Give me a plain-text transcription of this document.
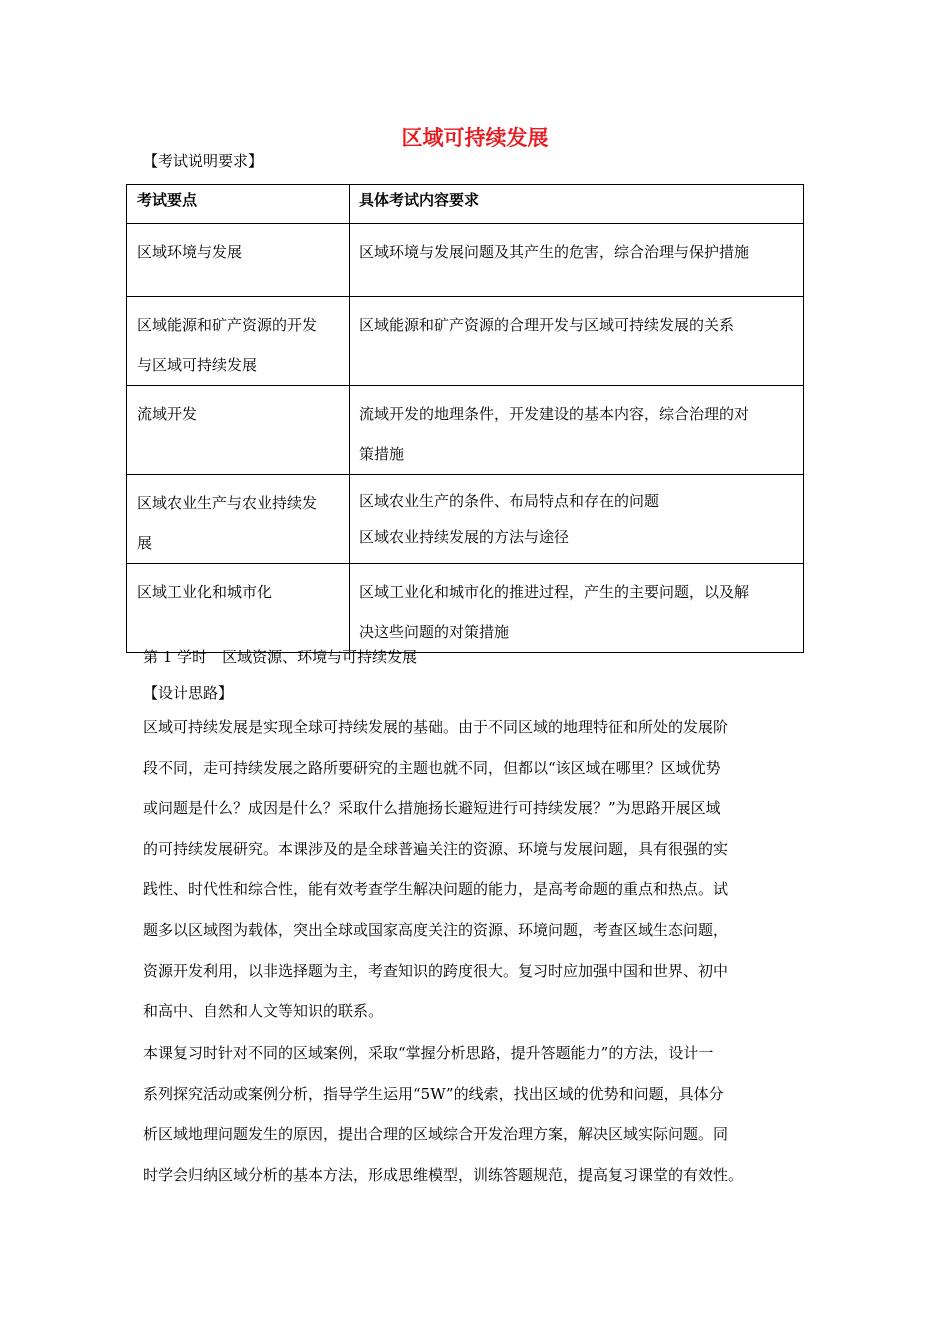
区域可持续发展
【考试说明要求】
考试要点	具体考试内容要求

区域环境与发展	区域环境与发展问题及其产生的危害，综合治理与保护措施

区域能源和矿产资源的开发
与区域可持续发展	区域能源和矿产资源的合理开发与区域可持续发展的关系

流域开发	流域开发的地理条件，开发建设的基本内容，综合治理的对
策措施

区域农业生产与农业持续发
展	区域农业生产的条件、布局特点和存在的问题
区域农业持续发展的方法与途径

区域工业化和城市化	区域工业化和城市化的推进过程，产生的主要问题，以及解
决这些问题的对策措施
第 1 学时　区域资源、环境与可持续发展
【设计思路】
区域可持续发展是实现全球可持续发展的基础。由于不同区域的地理特征和所处的发展阶
段不同，走可持续发展之路所要研究的主题也就不同，但都以“该区域在哪里？区域优势
或问题是什么？成因是什么？采取什么措施扬长避短进行可持续发展？”为思路开展区域
的可持续发展研究。本课涉及的是全球普遍关注的资源、环境与发展问题，具有很强的实
践性、时代性和综合性，能有效考查学生解决问题的能力，是高考命题的重点和热点。试
题多以区域图为载体，突出全球或国家高度关注的资源、环境问题，考查区域生态问题，
资源开发利用，以非选择题为主，考查知识的跨度很大。复习时应加强中国和世界、初中
和高中、自然和人文等知识的联系。
本课复习时针对不同的区域案例，采取“掌握分析思路，提升答题能力”的方法，设计一
系列探究活动或案例分析，指导学生运用“5W”的线索，找出区域的优势和问题，具体分
析区域地理问题发生的原因，提出合理的区域综合开发治理方案，解决区域实际问题。同
时学会归纳区域分析的基本方法，形成思维模型，训练答题规范，提高复习课堂的有效性。
